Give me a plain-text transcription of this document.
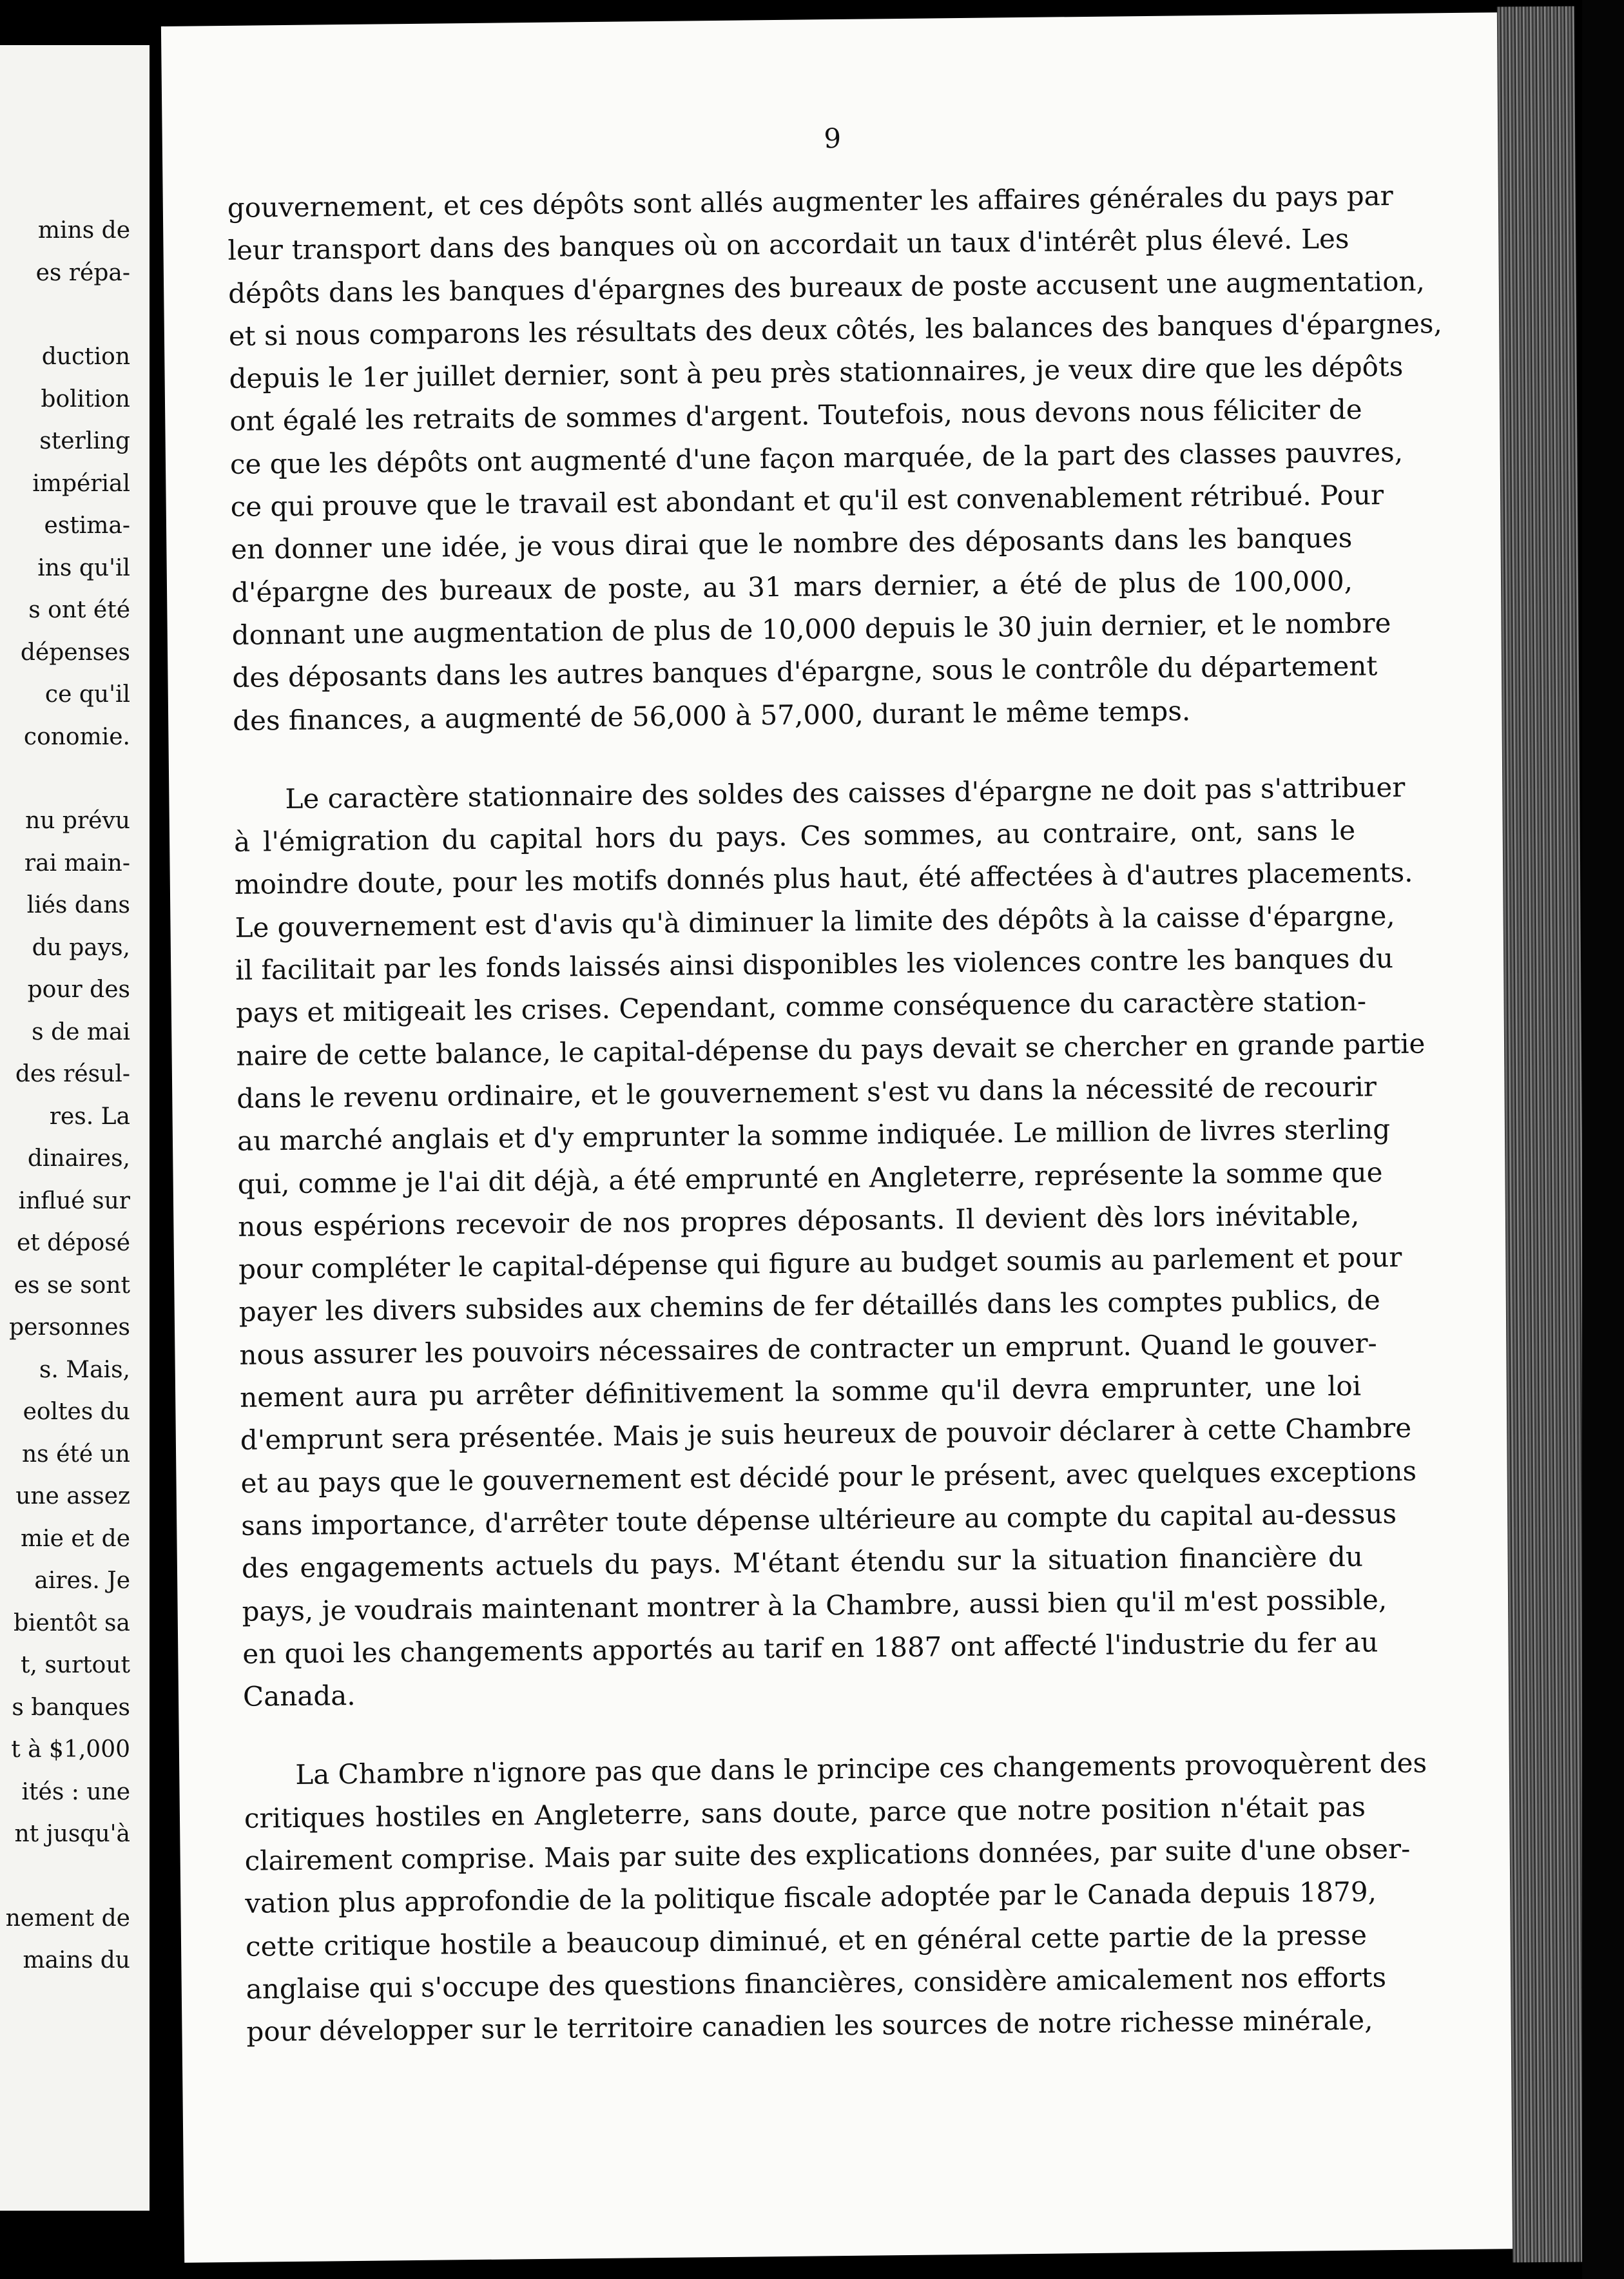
mins de
es répa-
duction
bolition
sterling
impérial
estima-
ins qu'il
s ont été
dépenses
ce qu'il
conomie.
nu prévu
rai main-
liés dans
du pays,
pour des
s de mai
des résul-
res. La
dinaires,
influé sur
et déposé
es se sont
personnes
s. Mais,
eoltes du
ns été un
une assez
mie et de
aires. Je
bientôt sa
t, surtout
s banques
t à $1,000
ités : une
nt jusqu'à
nement de
mains du
9
gouvernement, et ces dépôts sont allés augmenter les affaires générales du pays par
leur transport dans des banques où on accordait un taux d'intérêt plus élevé. Les
dépôts dans les banques d'épargnes des bureaux de poste accusent une augmentation,
et si nous comparons les résultats des deux côtés, les balances des banques d'épargnes,
depuis le 1er juillet dernier, sont à peu près stationnaires, je veux dire que les dépôts
ont égalé les retraits de sommes d'argent. Toutefois, nous devons nous féliciter de
ce que les dépôts ont augmenté d'une façon marquée, de la part des classes pauvres,
ce qui prouve que le travail est abondant et qu'il est convenablement rétribué. Pour
en donner une idée, je vous dirai que le nombre des déposants dans les banques
d'épargne des bureaux de poste, au 31 mars dernier, a été de plus de 100,000,
donnant une augmentation de plus de 10,000 depuis le 30 juin dernier, et le nombre
des déposants dans les autres banques d'épargne, sous le contrôle du département
des finances, a augmenté de 56,000 à 57,000, durant le même temps.
Le caractère stationnaire des soldes des caisses d'épargne ne doit pas s'attribuer
à l'émigration du capital hors du pays. Ces sommes, au contraire, ont, sans le
moindre doute, pour les motifs donnés plus haut, été affectées à d'autres placements.
Le gouvernement est d'avis qu'à diminuer la limite des dépôts à la caisse d'épargne,
il facilitait par les fonds laissés ainsi disponibles les violences contre les banques du
pays et mitigeait les crises. Cependant, comme conséquence du caractère station-
naire de cette balance, le capital-dépense du pays devait se chercher en grande partie
dans le revenu ordinaire, et le gouvernement s'est vu dans la nécessité de recourir
au marché anglais et d'y emprunter la somme indiquée. Le million de livres sterling
qui, comme je l'ai dit déjà, a été emprunté en Angleterre, représente la somme que
nous espérions recevoir de nos propres déposants. Il devient dès lors inévitable,
pour compléter le capital-dépense qui figure au budget soumis au parlement et pour
payer les divers subsides aux chemins de fer détaillés dans les comptes publics, de
nous assurer les pouvoirs nécessaires de contracter un emprunt. Quand le gouver-
nement aura pu arrêter définitivement la somme qu'il devra emprunter, une loi
d'emprunt sera présentée. Mais je suis heureux de pouvoir déclarer à cette Chambre
et au pays que le gouvernement est décidé pour le présent, avec quelques exceptions
sans importance, d'arrêter toute dépense ultérieure au compte du capital au-dessus
des engagements actuels du pays. M'étant étendu sur la situation financière du
pays, je voudrais maintenant montrer à la Chambre, aussi bien qu'il m'est possible,
en quoi les changements apportés au tarif en 1887 ont affecté l'industrie du fer au
Canada.
La Chambre n'ignore pas que dans le principe ces changements provoquèrent des
critiques hostiles en Angleterre, sans doute, parce que notre position n'était pas
clairement comprise. Mais par suite des explications données, par suite d'une obser-
vation plus approfondie de la politique fiscale adoptée par le Canada depuis 1879,
cette critique hostile a beaucoup diminué, et en général cette partie de la presse
anglaise qui s'occupe des questions financières, considère amicalement nos efforts
pour développer sur le territoire canadien les sources de notre richesse minérale,
